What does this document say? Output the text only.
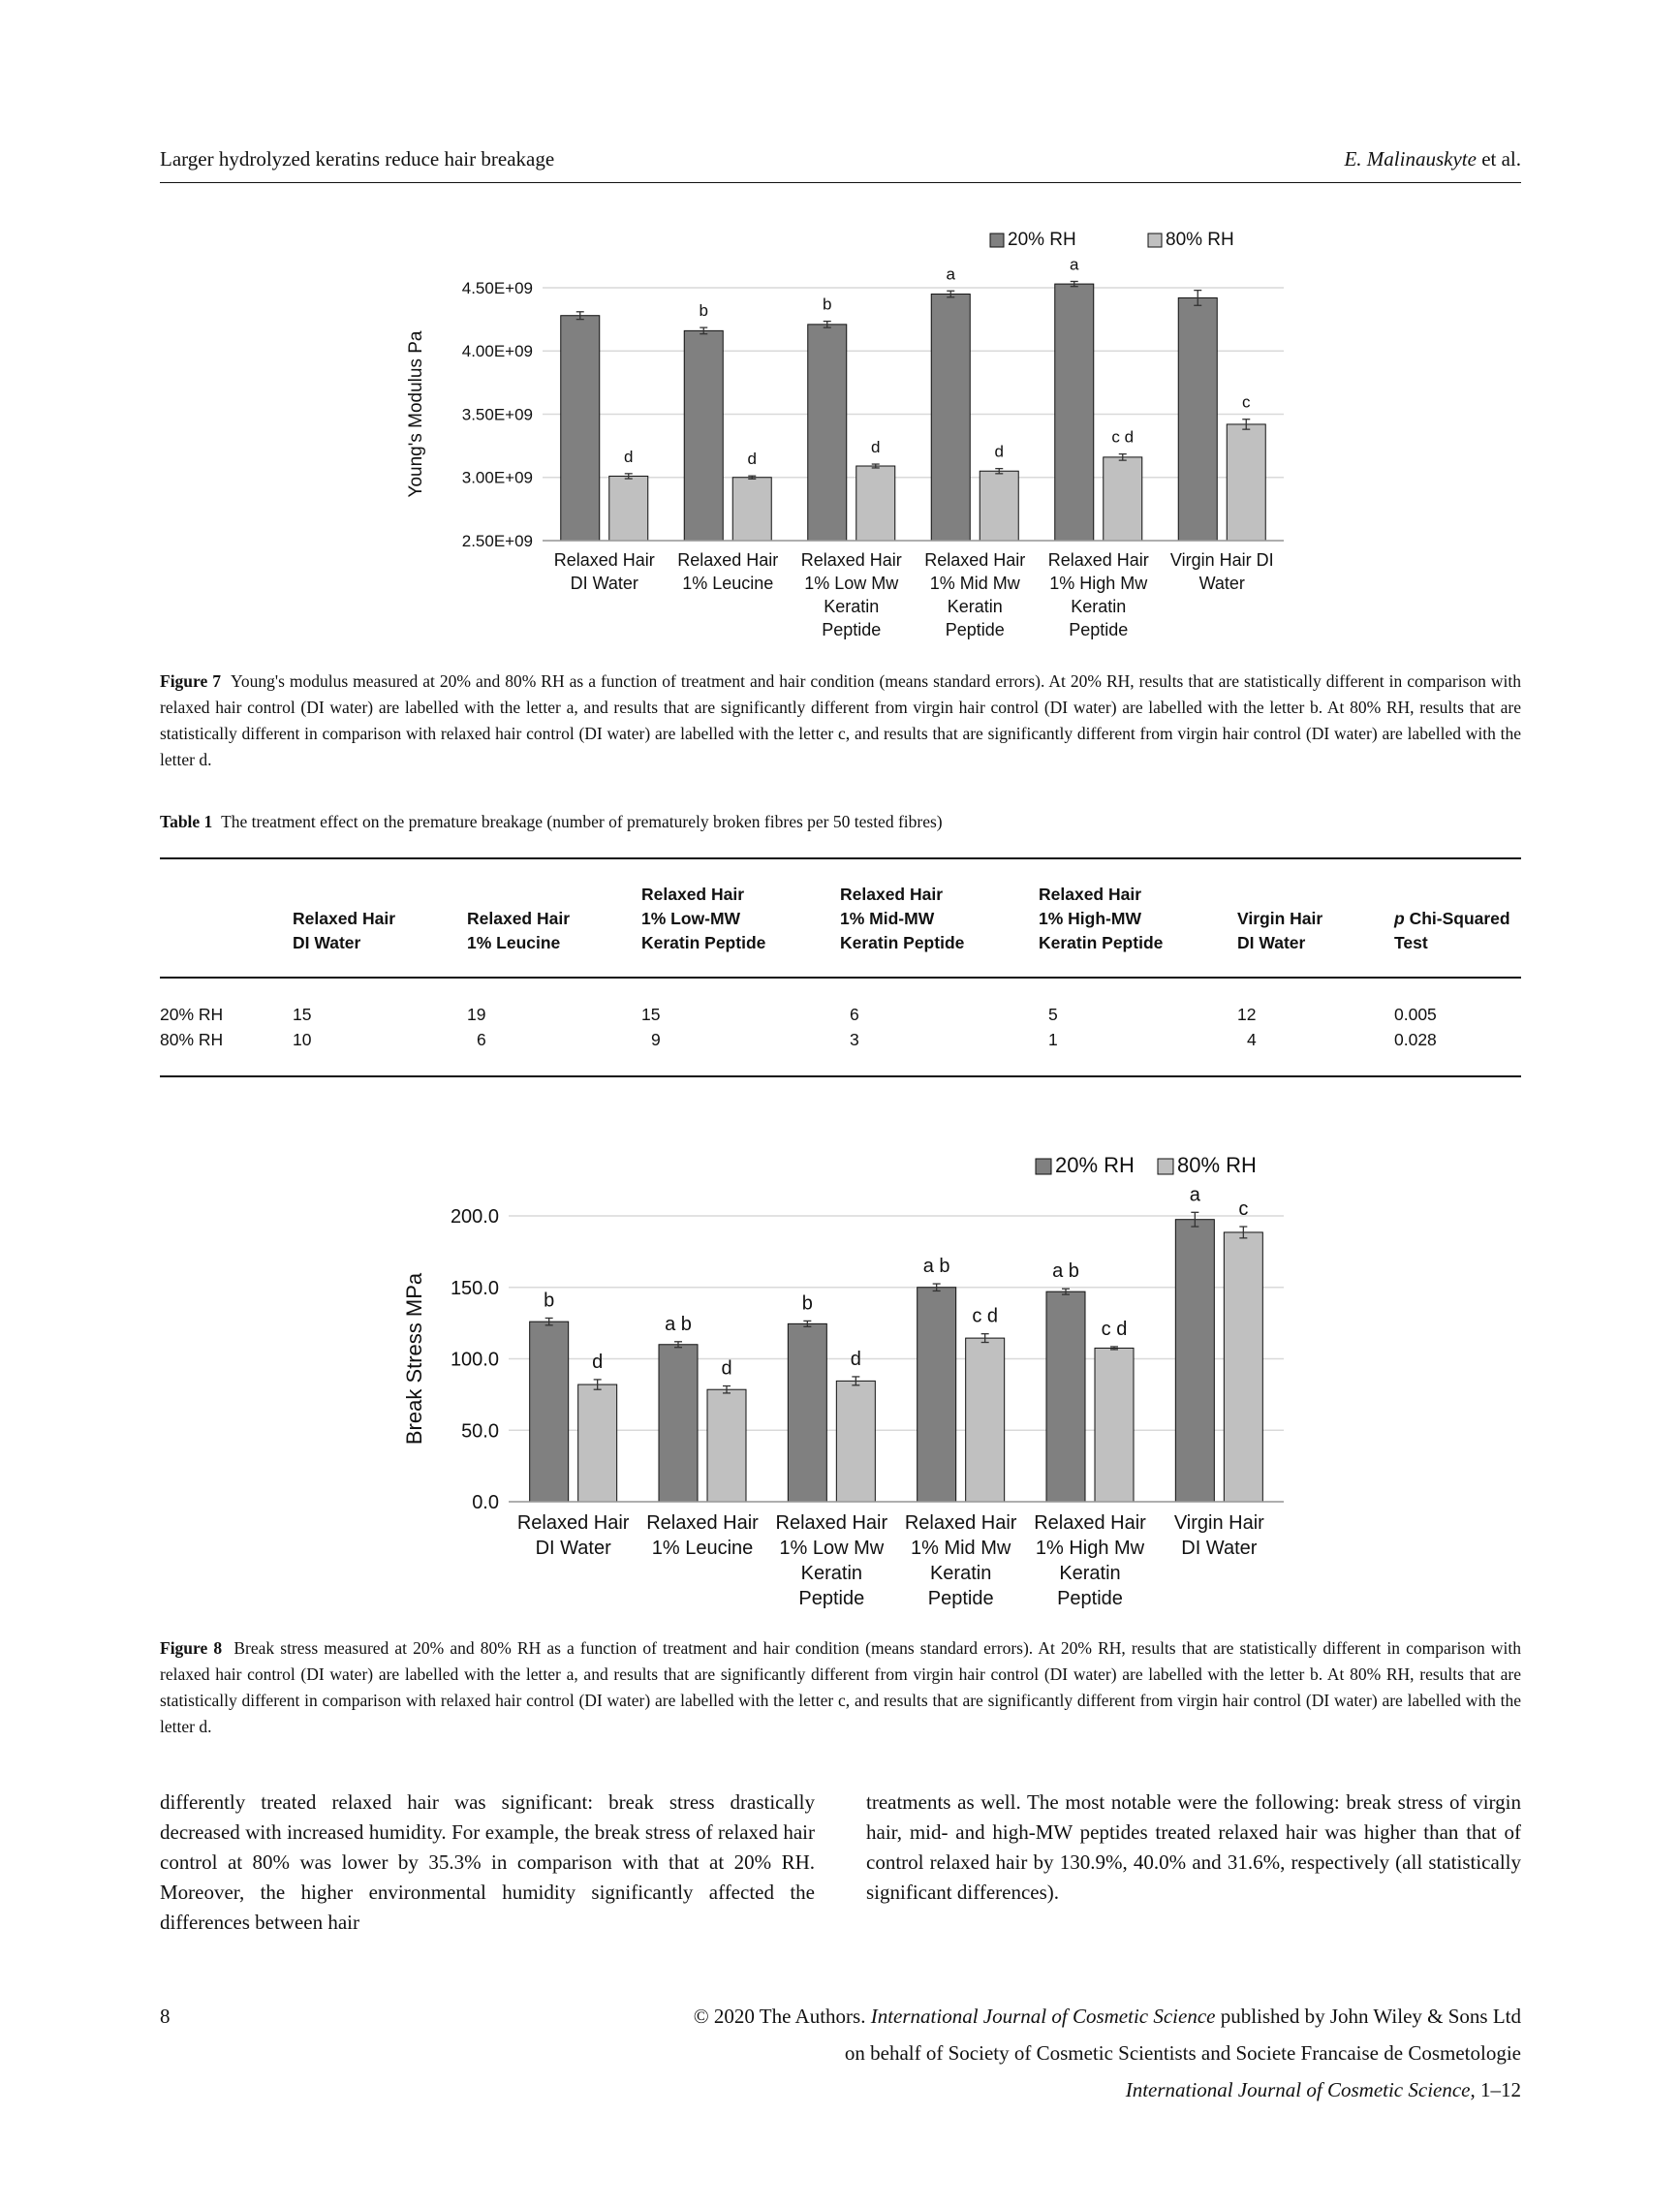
Larger hydrolyzed keratins reduce hair breakage	E. Malinauskyte et al.
2.50E+09
3.00E+09
3.50E+09
4.00E+09
4.50E+09
Young's Modulus Pa
b	b
a
a
d	d
d	d
c d
c
Relaxed Hair
DI Water
Relaxed Hair
1% Leucine
Relaxed Hair
1% Low Mw
Keratin
Peptide
Relaxed Hair
1% Mid Mw
Keratin
Peptide
Relaxed Hair
1% High Mw
Keratin
Peptide
Virgin Hair DI
Water
20% RH	80% RH
Figure 7 Young's modulus measured at 20% and 80% RH as a function of treatment and hair condition (means standard errors). At 20% RH, results that are statistically different in comparison with relaxed hair control (DI water) are labelled with the letter a, and results that are significantly different from virgin hair control (DI water) are labelled with the letter b. At 80% RH, results that are statistically different in comparison with relaxed hair control (DI water) are labelled with the letter c, and results that are significantly different from virgin hair control (DI water) are labelled with the letter d.
Table 1 The treatment effect on the premature breakage (number of prematurely broken fibres per 50 tested fibres)
	Relaxed Hair
DI Water	Relaxed Hair
1% Leucine	Relaxed Hair
1% Low-MW
Keratin Peptide	Relaxed Hair
1% Mid-MW
Keratin Peptide	Relaxed Hair
1% High-MW
Keratin Peptide	Virgin Hair
DI Water	p Chi-Squared
Test
20% RH	15	19	15	6	5	12	0.005
80% RH	10	6	9	3	1	4	0.028
0.0
50.0
100.0
150.0
200.0
Break Stress MPa	b
a b
b
a b	a b
a
d	d	d
c d
c d
c
Relaxed Hair
DI Water
Relaxed Hair
1% Leucine
Relaxed Hair
1% Low Mw
Keratin
Peptide
Relaxed Hair
1% Mid Mw
Keratin
Peptide
Relaxed Hair
1% High Mw
Keratin
Peptide
Virgin Hair
DI Water
20% RH 80% RH
Figure 8 Break stress measured at 20% and 80% RH as a function of treatment and hair condition (means standard errors). At 20% RH, results that are statistically different in comparison with relaxed hair control (DI water) are labelled with the letter a, and results that are significantly different from virgin hair control (DI water) are labelled with the letter b. At 80% RH, results that are statistically different in comparison with relaxed hair control (DI water) are labelled with the letter c, and results that are significantly different from virgin hair control (DI water) are labelled with the letter d.
differently treated relaxed hair was significant: break stress drastically decreased with increased humidity. For example, the break stress of relaxed hair control at 80% was lower by 35.3% in comparison with that at 20% RH. Moreover, the higher environmental humidity significantly affected the differences between hair
treatments as well. The most notable were the following: break stress of virgin hair, mid- and high-MW peptides treated relaxed hair was higher than that of control relaxed hair by 130.9%, 40.0% and 31.6%, respectively (all statistically significant differences).
8	© 2020 The Authors. International Journal of Cosmetic Science published by John Wiley & Sons Ltd
on behalf of Society of Cosmetic Scientists and Societe Francaise de Cosmetologie
International Journal of Cosmetic Science, 1–12
